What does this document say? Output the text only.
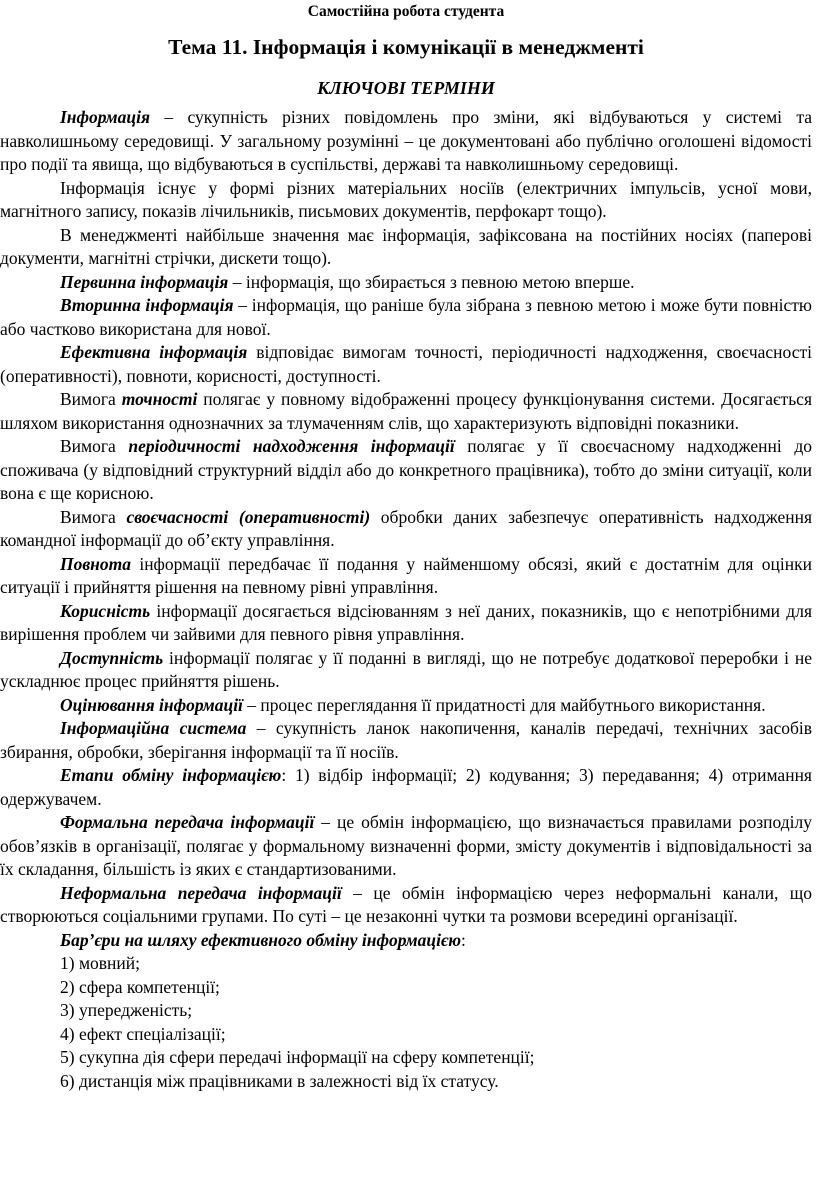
Самостійна робота студента
Тема 11. Інформація і комунікації в менеджменті
КЛЮЧОВІ ТЕРМІНИ

Інформація – сукупність різних повідомлень про зміни, які відбуваються у системі та навколишньому середовищі. У загальному розумінні – це документовані або публічно оголошені відомості про події та явища, що відбуваються в суспільстві, державі та навколишньому середовищі.

Інформація існує у формі різних матеріальних носіїв (електричних імпульсів, усної мови, магнітного запису, показів лічильників, письмових документів, перфокарт тощо).

В менеджменті найбільше значення має інформація, зафіксована на постійних носіях (паперові документи, магнітні стрічки, дискети тощо).

Первинна інформація – інформація, що збирається з певною метою вперше.

Вторинна інформація – інформація, що раніше була зібрана з певною метою і може бути повністю або частково використана для нової.

Ефективна інформація відповідає вимогам точності, періодичності надходження, своєчасності (оперативності), повноти, корисності, доступності.

Вимога точності полягає у повному відображенні процесу функціонування системи. Досягається шляхом використання однозначних за тлумаченням слів, що характеризують відповідні показники.

Вимога періодичності надходження інформації полягає у її своєчасному надходженні до споживача (у відповідний структурний відділ або до конкретного працівника), тобто до зміни ситуації, коли вона є ще корисною.

Вимога своєчасності (оперативності) обробки даних забезпечує оперативність надходження командної інформації до об’єкту управління.

Повнота інформації передбачає її подання у найменшому обсязі, який є достатнім для оцінки ситуації і прийняття рішення на певному рівні управління.

Корисність інформації досягається відсіюванням з неї даних, показників, що є непотрібними для вирішення проблем чи зайвими для певного рівня управління.

Доступність інформації полягає у її поданні в вигляді, що не потребує додаткової переробки і не ускладнює процес прийняття рішень.

Оцінювання інформації – процес переглядання її придатності для майбутнього використання.

Інформаційна система – сукупність ланок накопичення, каналів передачі, технічних засобів збирання, обробки, зберігання інформації та її носіїв.

Етапи обміну інформацією: 1) відбір інформації; 2) кодування; 3) передавання; 4) отримання одержувачем.

Формальна передача інформації – це обмін інформацією, що визначається правилами розподілу обов’язків в організації, полягає у формальному визначенні форми, змісту документів і відповідальності за їх складання, більшість із яких є стандартизованими.

Неформальна передача інформації – це обмін інформацією через неформальні канали, що створюються соціальними групами. По суті – це незаконні чутки та розмови всередині організації.

Бар’єри на шляху ефективного обміну інформацією:

1) мовний;

2) сфера компетенції;

3) упередженість;

4) ефект спеціалізації;

5) сукупна дія сфери передачі інформації на сферу компетенції;

6) дистанція між працівниками в залежності від їх статусу.
